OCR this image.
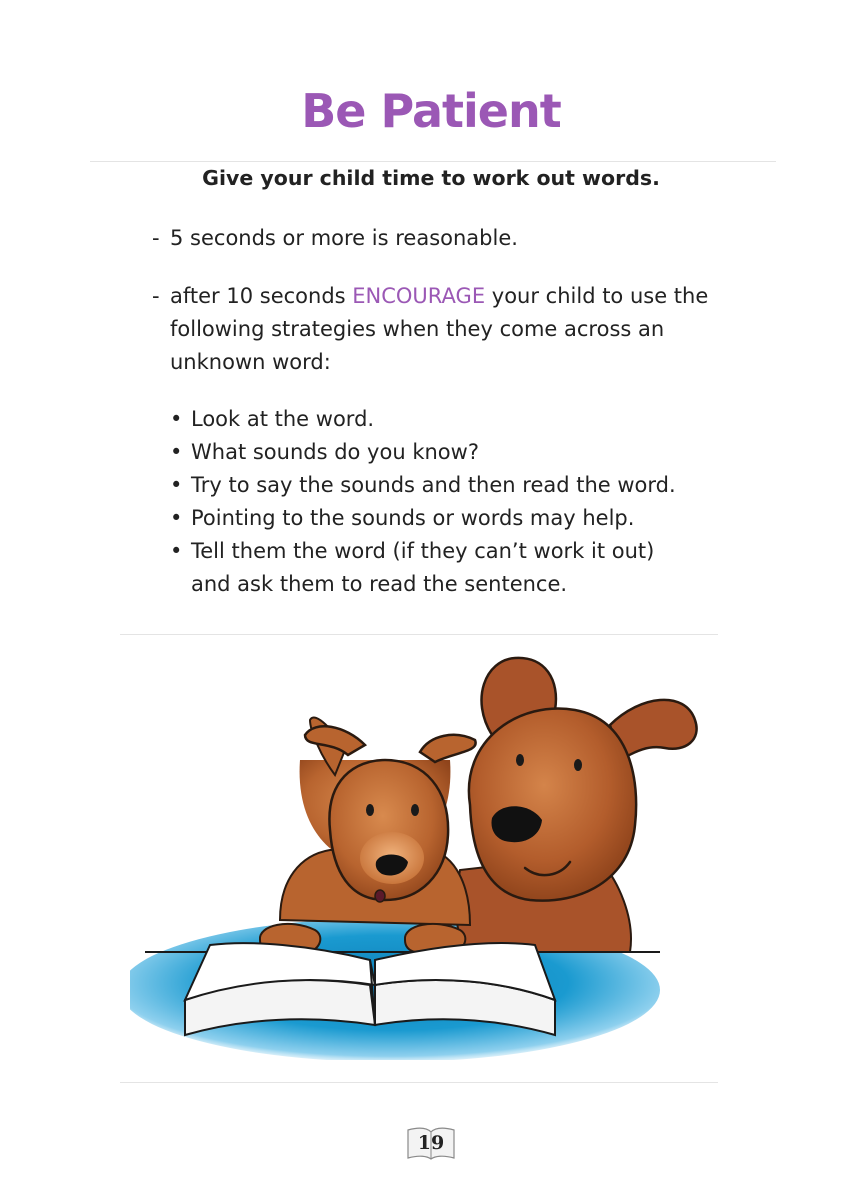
Be Patient
Give your child time to work out words.
- 5 seconds or more is reasonable.
- after 10 seconds ENCOURAGE your child to use the
following strategies when they come across an
unknown word:
• Look at the word.
• What sounds do you know?
• Try to say the sounds and then read the word.
• Pointing to the sounds or words may help.
• Tell them the word (if they can’t work it out)
and ask them to read the sentence.
19
